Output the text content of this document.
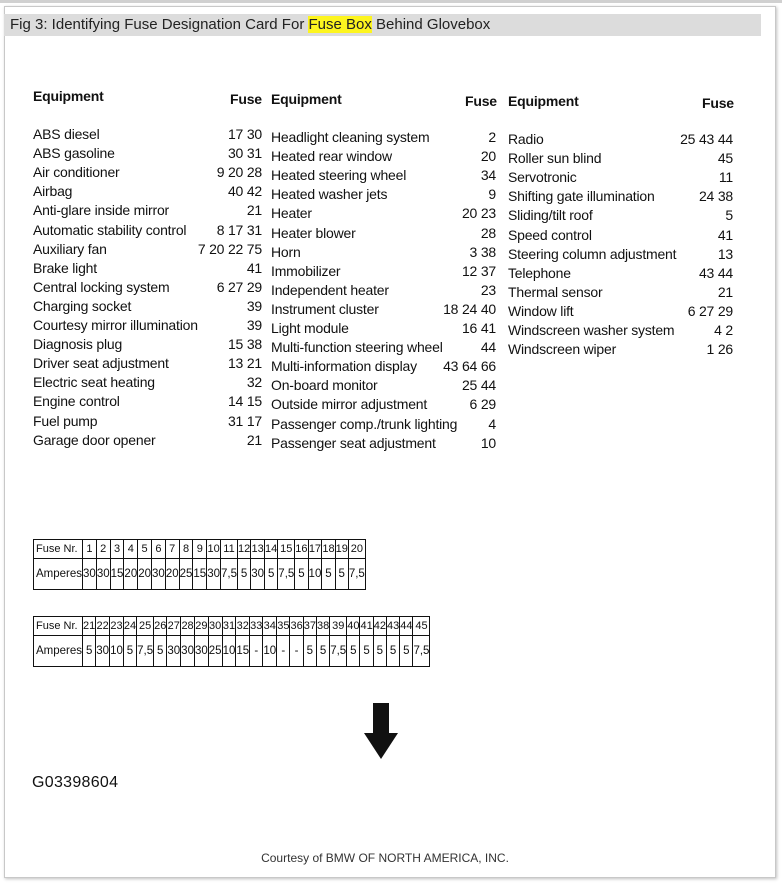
Fig 3: Identifying Fuse Designation Card For Fuse Box Behind Glovebox
Equipment	Fuse Equipment	Fuse Equipment	Fuse
ABS diesel	17 30
ABS gasoline	30 31
Air conditioner	9 20 28
Airbag	40 42
Anti-glare inside mirror	21
Automatic stability control 8 17 31
Auxiliary fan	7 20 22 75
Brake light	41
Central locking system	6 27 29
Charging socket	39
Courtesy mirror illumination	39
Diagnosis plug	15 38
Driver seat adjustment	13 21
Electric seat heating	32
Engine control	14 15
Fuel pump	31 17
Garage door opener	21
Headlight cleaning system	2
Heated rear window	20
Heated steering wheel	34
Heated washer jets	9
Heater	20 23
Heater blower	28
Horn	3 38
Immobilizer	12 37
Independent heater	23
Instrument cluster	18 24 40
Light module	16 41
Multi-function steering wheel	44
Multi-information display 43 64 66
On-board monitor	25 44
Outside mirror adjustment	6 29
Passenger comp./trunk lighting 4
Passenger seat adjustment	10
Radio	25 43 44
Roller sun blind	45
Servotronic	11
Shifting gate illumination	24 38
Sliding/tilt roof	5
Speed control	41
Steering column adjustment	13
Telephone	43 44
Thermal sensor	21
Window lift	6 27 29
Windscreen washer system	4 2
Windscreen wiper	1 26
Fuse Nr.	1	2	3	4	5	6	7	8	9	10	11	12	13	14	15	16	17	18	19	20
Amperes	30	30	15	20	20	30	20	25	15	30	7,5	5	30	5	7,5	5	10	5	5	7,5
Fuse Nr.	21	22	23	24	25	26	27	28	29	30	31	32	33	34	35	36	37	38	39	40	41	42	43	44	45
Amperes	5	30	10	5	7,5	5	30	30	30	25	10	15	-	10	-	-	5	5	7,5	5	5	5	5	5	7,5
G03398604
Courtesy of BMW OF NORTH AMERICA, INC.
